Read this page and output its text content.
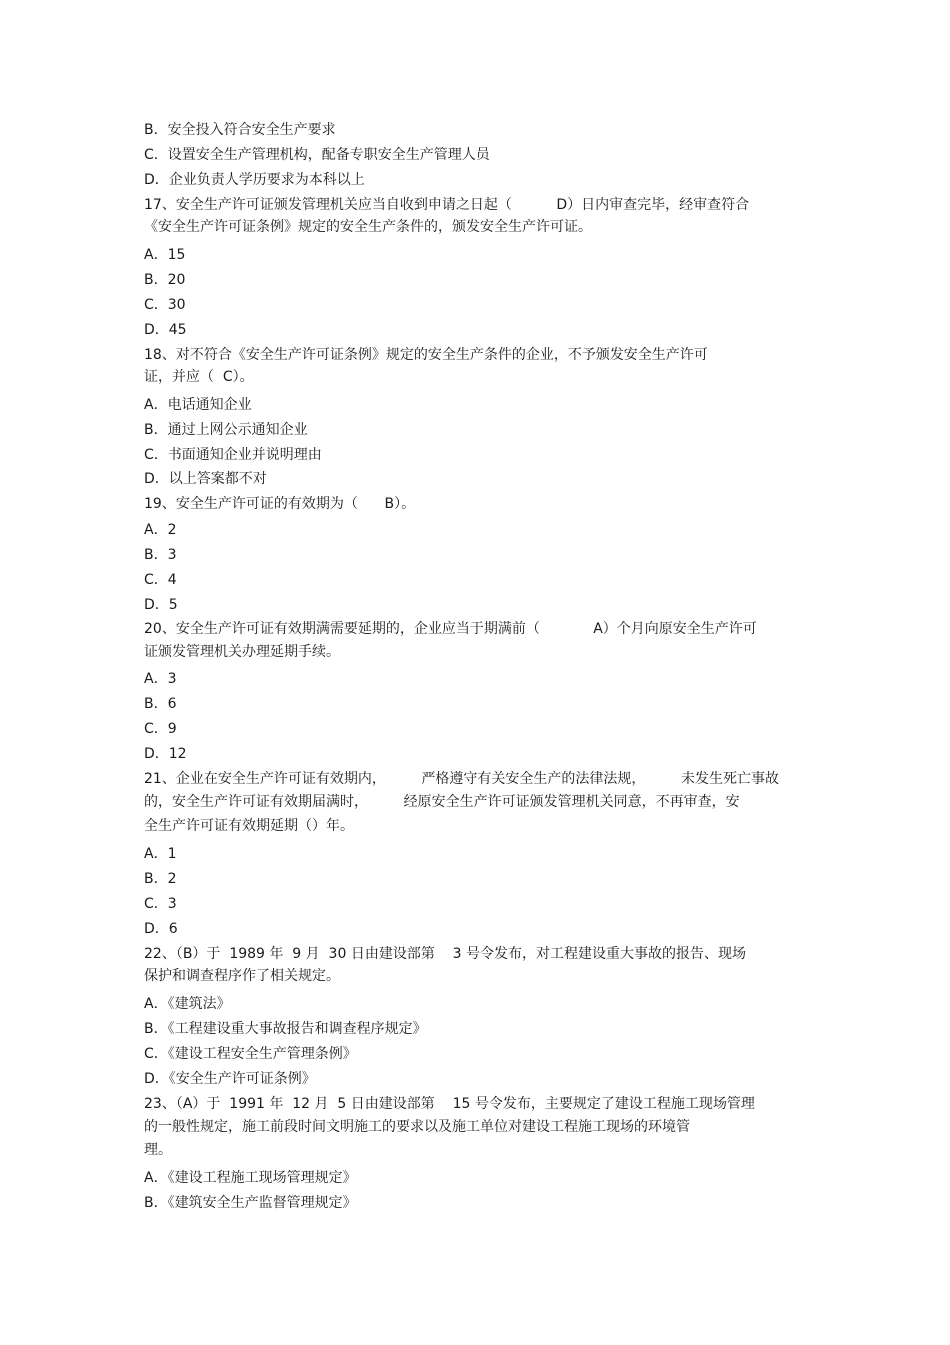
B．安全投入符合安全生产要求

C．设置安全生产管理机构，配备专职安全生产管理人员

D．企业负责人学历要求为本科以上

17、安全生产许可证颁发管理机关应当自收到申请之日起（          D）日内审查完毕，经审查符合

《安全生产许可证条例》规定的安全生产条件的，颁发安全生产许可证。

A．15

B．20

C．30

D．45

18、对不符合《安全生产许可证条例》规定的安全生产条件的企业，不予颁发安全生产许可

证，并应（  C）。

A．电话通知企业

B．通过上网公示通知企业

C．书面通知企业并说明理由

D．以上答案都不对

19、安全生产许可证的有效期为（      B）。

A．2

B．3

C．4

D．5

20、安全生产许可证有效期满需要延期的，企业应当于期满前（            A）个月向原安全生产许可

证颁发管理机关办理延期手续。

A．3

B．6

C．9

D．12

21、企业在安全生产许可证有效期内，        严格遵守有关安全生产的法律法规，        未发生死亡事故

的，安全生产许可证有效期届满时，        经原安全生产许可证颁发管理机关同意，不再审查，安

全生产许可证有效期延期（）年。

A．1

B．2

C．3

D．6

22、（B）于  1989 年  9 月  30 日由建设部第    3 号令发布，对工程建设重大事故的报告、现场

保护和调查程序作了相关规定。

A．《建筑法》

B．《工程建设重大事故报告和调查程序规定》

C．《建设工程安全生产管理条例》

D．《安全生产许可证条例》

23、（A）于  1991 年  12 月  5 日由建设部第    15 号令发布，主要规定了建设工程施工现场管理

的一般性规定，施工前段时间文明施工的要求以及施工单位对建设工程施工现场的环境管

理。

A．《建设工程施工现场管理规定》

B．《建筑安全生产监督管理规定》
